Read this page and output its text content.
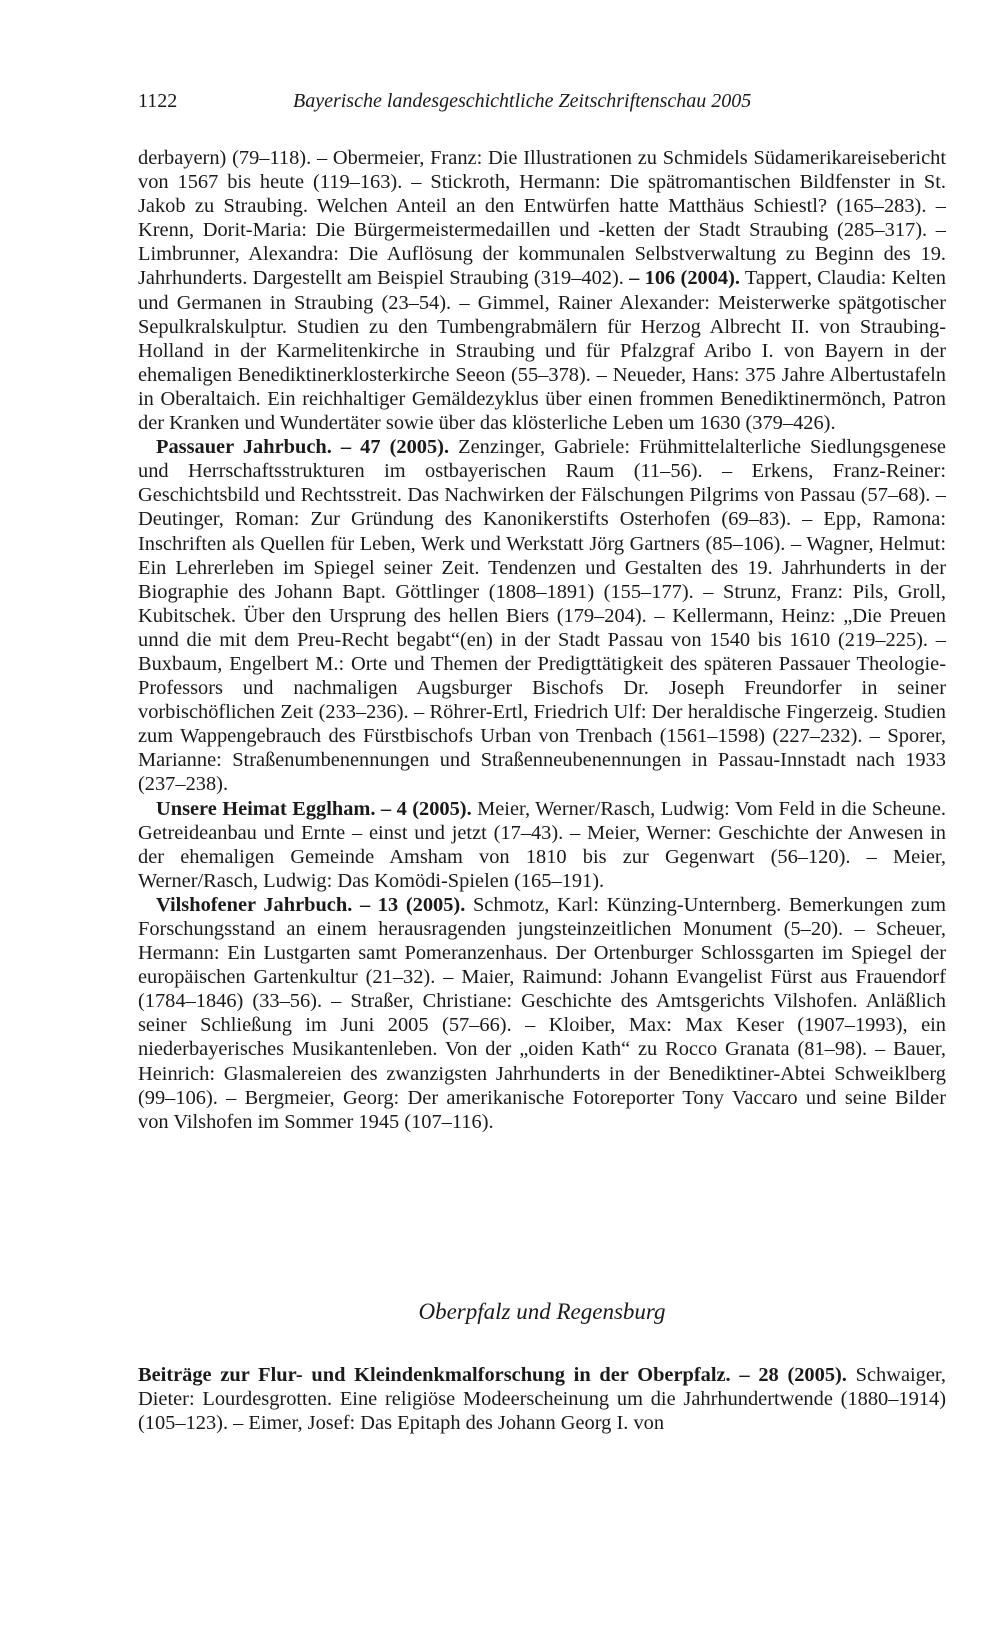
1122	Bayerische landesgeschichtliche Zeitschriftenschau 2005

derbayern) (79–118). – Obermeier, Franz: Die Illustrationen zu Schmidels Südamerikareisebericht von 1567 bis heute (119–163). – Stickroth, Hermann: Die spätromantischen Bildfenster in St. Jakob zu Straubing. Welchen Anteil an den Entwürfen hatte Matthäus Schiestl? (165–283). – Krenn, Dorit-Maria: Die Bürgermeistermedaillen und -ketten der Stadt Straubing (285–317). – Limbrunner, Alexandra: Die Auflösung der kommunalen Selbstverwaltung zu Beginn des 19. Jahrhunderts. Dargestellt am Beispiel Straubing (319–402). – 106 (2004). Tappert, Claudia: Kelten und Germanen in Straubing (23–54). – Gimmel, Rainer Alexander: Meisterwerke spätgotischer Sepulkralskulptur. Studien zu den Tumbengrabmälern für Herzog Albrecht II. von Straubing-Holland in der Karmelitenkirche in Straubing und für Pfalzgraf Aribo I. von Bayern in der ehemaligen Benediktinerklosterkirche Seeon (55–378). – Neueder, Hans: 375 Jahre Albertustafeln in Oberaltaich. Ein reichhaltiger Gemäldezyklus über einen frommen Benediktinermönch, Patron der Kranken und Wundertäter sowie über das klösterliche Leben um 1630 (379–426).

Passauer Jahrbuch. – 47 (2005). Zenzinger, Gabriele: Frühmittelalterliche Siedlungsgenese und Herrschaftsstrukturen im ostbayerischen Raum (11–56). – Erkens, Franz-Reiner: Geschichtsbild und Rechtsstreit. Das Nachwirken der Fälschungen Pilgrims von Passau (57–68). – Deutinger, Roman: Zur Gründung des Kanonikerstifts Osterhofen (69–83). – Epp, Ramona: Inschriften als Quellen für Leben, Werk und Werkstatt Jörg Gartners (85–106). – Wagner, Helmut: Ein Lehrerleben im Spiegel seiner Zeit. Tendenzen und Gestalten des 19. Jahrhunderts in der Biographie des Johann Bapt. Göttlinger (1808–1891) (155–177). – Strunz, Franz: Pils, Groll, Kubitschek. Über den Ursprung des hellen Biers (179–204). – Kellermann, Heinz: „Die Preuen unnd die mit dem Preu-Recht begabt“(en) in der Stadt Passau von 1540 bis 1610 (219–225). – Buxbaum, Engelbert M.: Orte und Themen der Predigttätigkeit des späteren Passauer Theologie-Professors und nachmaligen Augsburger Bischofs Dr. Joseph Freundorfer in seiner vorbischöflichen Zeit (233–236). – Röhrer-Ertl, Friedrich Ulf: Der heraldische Fingerzeig. Studien zum Wappengebrauch des Fürstbischofs Urban von Trenbach (1561–1598) (227–232). – Sporer, Marianne: Straßenumbenennungen und Straßenneubenennungen in Passau-Innstadt nach 1933 (237–238).

Unsere Heimat Egglham. – 4 (2005). Meier, Werner/Rasch, Ludwig: Vom Feld in die Scheune. Getreideanbau und Ernte – einst und jetzt (17–43). – Meier, Werner: Geschichte der Anwesen in der ehemaligen Gemeinde Amsham von 1810 bis zur Gegenwart (56–120). – Meier, Werner/Rasch, Ludwig: Das Komödi-Spielen (165–191).

Vilshofener Jahrbuch. – 13 (2005). Schmotz, Karl: Künzing-Unternberg. Bemerkungen zum Forschungsstand an einem herausragenden jungsteinzeitlichen Monument (5–20). – Scheuer, Hermann: Ein Lustgarten samt Pomeranzenhaus. Der Ortenburger Schlossgarten im Spiegel der europäischen Gartenkultur (21–32). – Maier, Raimund: Johann Evangelist Fürst aus Frauendorf (1784–1846) (33–56). – Straßer, Christiane: Geschichte des Amtsgerichts Vilshofen. Anläßlich seiner Schließung im Juni 2005 (57–66). – Kloiber, Max: Max Keser (1907–1993), ein niederbayerisches Musikantenleben. Von der „oiden Kath“ zu Rocco Granata (81–98). – Bauer, Heinrich: Glasmalereien des zwanzigsten Jahrhunderts in der Benediktiner-Abtei Schweiklberg (99–106). – Bergmeier, Georg: Der amerikanische Fotoreporter Tony Vaccaro und seine Bilder von Vilshofen im Sommer 1945 (107–116).

Oberpfalz und Regensburg

Beiträge zur Flur- und Kleindenkmalforschung in der Oberpfalz. – 28 (2005). Schwaiger, Dieter: Lourdesgrotten. Eine religiöse Modeerscheinung um die Jahrhundertwende (1880–1914) (105–123). – Eimer, Josef: Das Epitaph des Johann Georg I. von
